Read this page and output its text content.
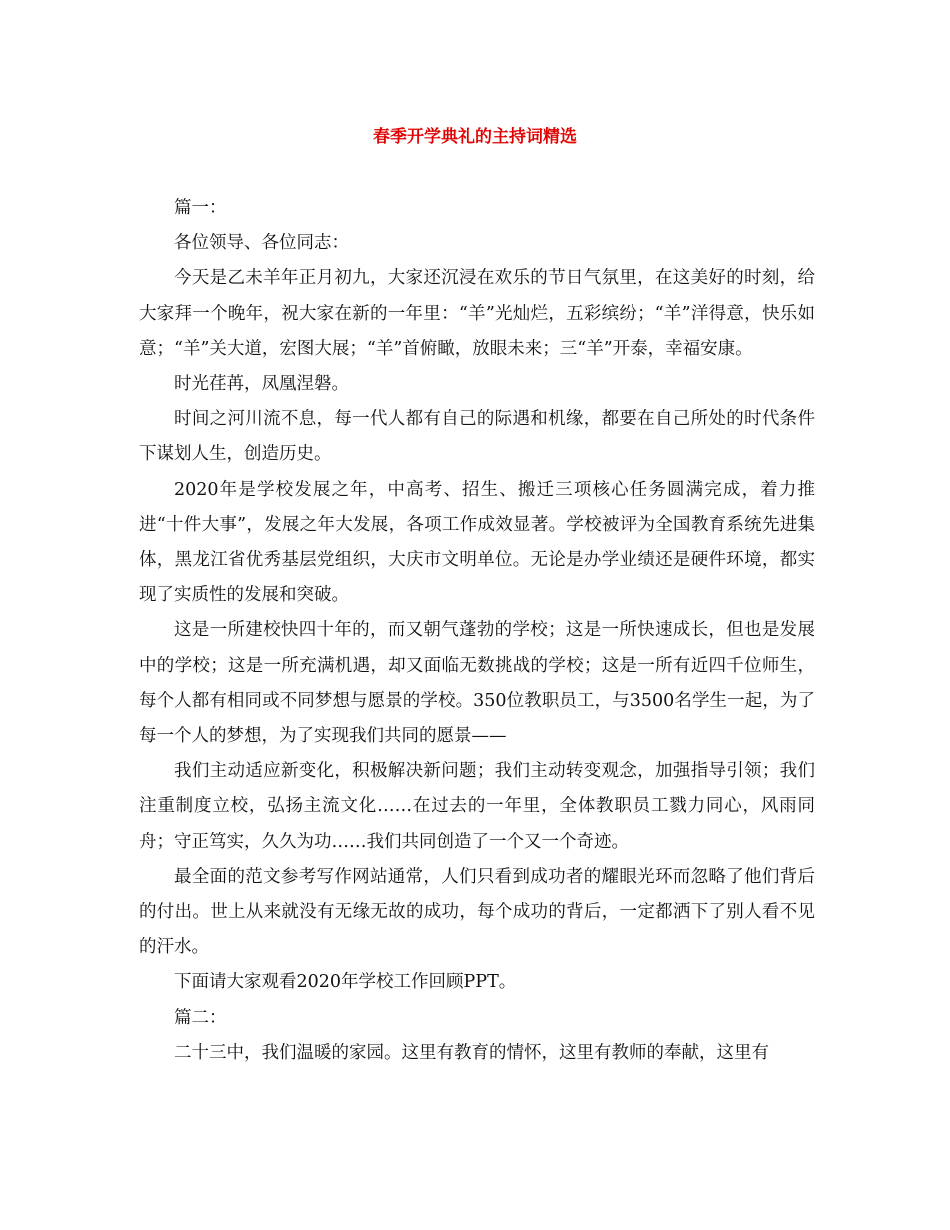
春季开学典礼的主持词精选

篇一：

各位领导、各位同志：

今天是乙未羊年正月初九，大家还沉浸在欢乐的节日气氛里，在这美好的时刻，给大家拜一个晚年，祝大家在新的一年里：“羊”光灿烂，五彩缤纷；“羊”洋得意，快乐如意；“羊”关大道，宏图大展；“羊”首俯瞰，放眼未来；三“羊”开泰，幸福安康。

时光荏苒，凤凰涅磐。

时间之河川流不息，每一代人都有自己的际遇和机缘，都要在自己所处的时代条件下谋划人生，创造历史。

2020年是学校发展之年，中高考、招生、搬迁三项核心任务圆满完成，着力推进“十件大事”，发展之年大发展，各项工作成效显著。学校被评为全国教育系统先进集体，黑龙江省优秀基层党组织，大庆市文明单位。无论是办学业绩还是硬件环境，都实现了实质性的发展和突破。

这是一所建校快四十年的，而又朝气蓬勃的学校；这是一所快速成长，但也是发展中的学校；这是一所充满机遇，却又面临无数挑战的学校；这是一所有近四千位师生，每个人都有相同或不同梦想与愿景的学校。350位教职员工，与3500名学生一起，为了每一个人的梦想，为了实现我们共同的愿景——

我们主动适应新变化，积极解决新问题；我们主动转变观念，加强指导引领；我们注重制度立校，弘扬主流文化……在过去的一年里，全体教职员工戮力同心，风雨同舟；守正笃实，久久为功……我们共同创造了一个又一个奇迹。

最全面的范文参考写作网站通常，人们只看到成功者的耀眼光环而忽略了他们背后的付出。世上从来就没有无缘无故的成功，每个成功的背后，一定都洒下了别人看不见的汗水。

下面请大家观看2020年学校工作回顾PPT。

篇二：

二十三中，我们温暖的家园。这里有教育的情怀，这里有教师的奉献，这里有
